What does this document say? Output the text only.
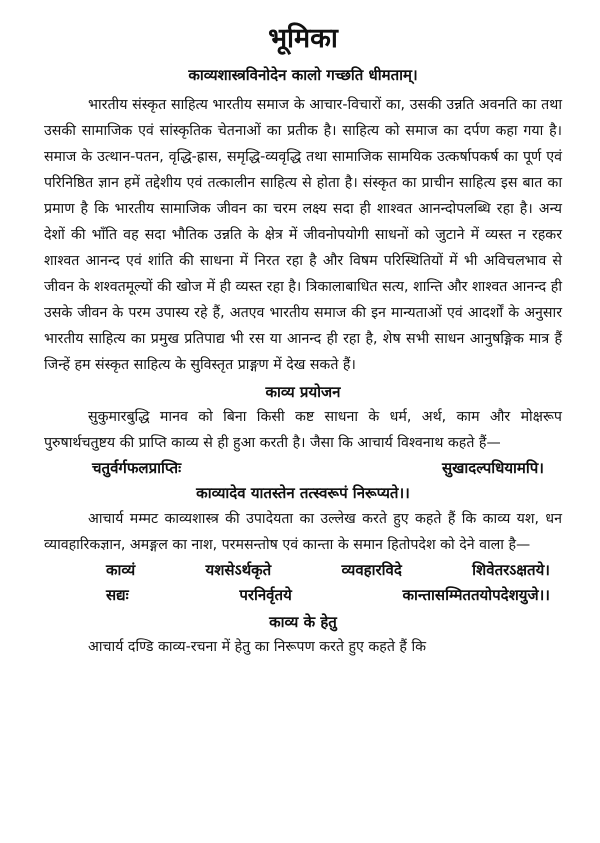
भूमिका

काव्यशास्त्रविनोदेन कालो गच्छति धीमताम्।

भारतीय संस्कृत साहित्य भारतीय समाज के आचार-विचारों का, उसकी उन्नति अवनति का तथा उसकी सामाजिक एवं सांस्कृतिक चेतनाओं का प्रतीक है। साहित्य को समाज का दर्पण कहा गया है। समाज के उत्थान-पतन, वृद्धि-ह्रास, समृद्धि-व्यवृद्धि तथा सामाजिक सामयिक उत्कर्षापकर्ष का पूर्ण एवं परिनिष्ठित ज्ञान हमें तद्देशीय एवं तत्कालीन साहित्य से होता है। संस्कृत का प्राचीन साहित्य इस बात का प्रमाण है कि भारतीय सामाजिक जीवन का चरम लक्ष्य सदा ही शाश्वत आनन्दोपलब्धि रहा है। अन्य देशों की भाँति वह सदा भौतिक उन्नति के क्षेत्र में जीवनोपयोगी साधनों को जुटाने में व्यस्त न रहकर शाश्वत आनन्द एवं शांति की साधना में निरत रहा है और विषम परिस्थितियों में भी अविचलभाव से जीवन के शश्वतमूल्यों की खोज में ही व्यस्त रहा है। त्रिकालाबाधित सत्य, शान्ति और शाश्वत आनन्द ही उसके जीवन के परम उपास्य रहे हैं, अतएव भारतीय समाज की इन मान्यताओं एवं आदर्शों के अनुसार भारतीय साहित्य का प्रमुख प्रतिपाद्य भी रस या आनन्द ही रहा है, शेष सभी साधन आनुषङ्गिक मात्र हैं जिन्हें हम संस्कृत साहित्य के सुविस्तृत प्राङ्गण में देख सकते हैं।

काव्य प्रयोजन

सुकुमारबुद्धि मानव को बिना किसी कष्ट साधना के धर्म, अर्थ, काम और मोक्षरूप पुरुषार्थचतुष्टय की प्राप्ति काव्य से ही हुआ करती है। जैसा कि आचार्य विश्वनाथ कहते हैं—

चतुर्वर्गफलप्राप्तिः	सुखादल्पधियामपि।
काव्यादेव यातस्तेन तत्स्वरूपं निरूप्यते।।

आचार्य मम्मट काव्यशास्त्र की उपादेयता का उल्लेख करते हुए कहते हैं कि काव्य यश, धन व्यावहारिकज्ञान, अमङ्गल का नाश, परमसन्तोष एवं कान्ता के समान हितोपदेश को देने वाला है—

काव्यं	यशसेऽर्थकृते	व्यवहारविदे	शिवेतरऽक्षतये।
सद्यः	परनिर्वृतये	कान्तासम्मिततयोपदेशयुजे।।
काव्य के हेतु

आचार्य दण्डि काव्य-रचना में हेतु का निरूपण करते हुए कहते हैं कि
